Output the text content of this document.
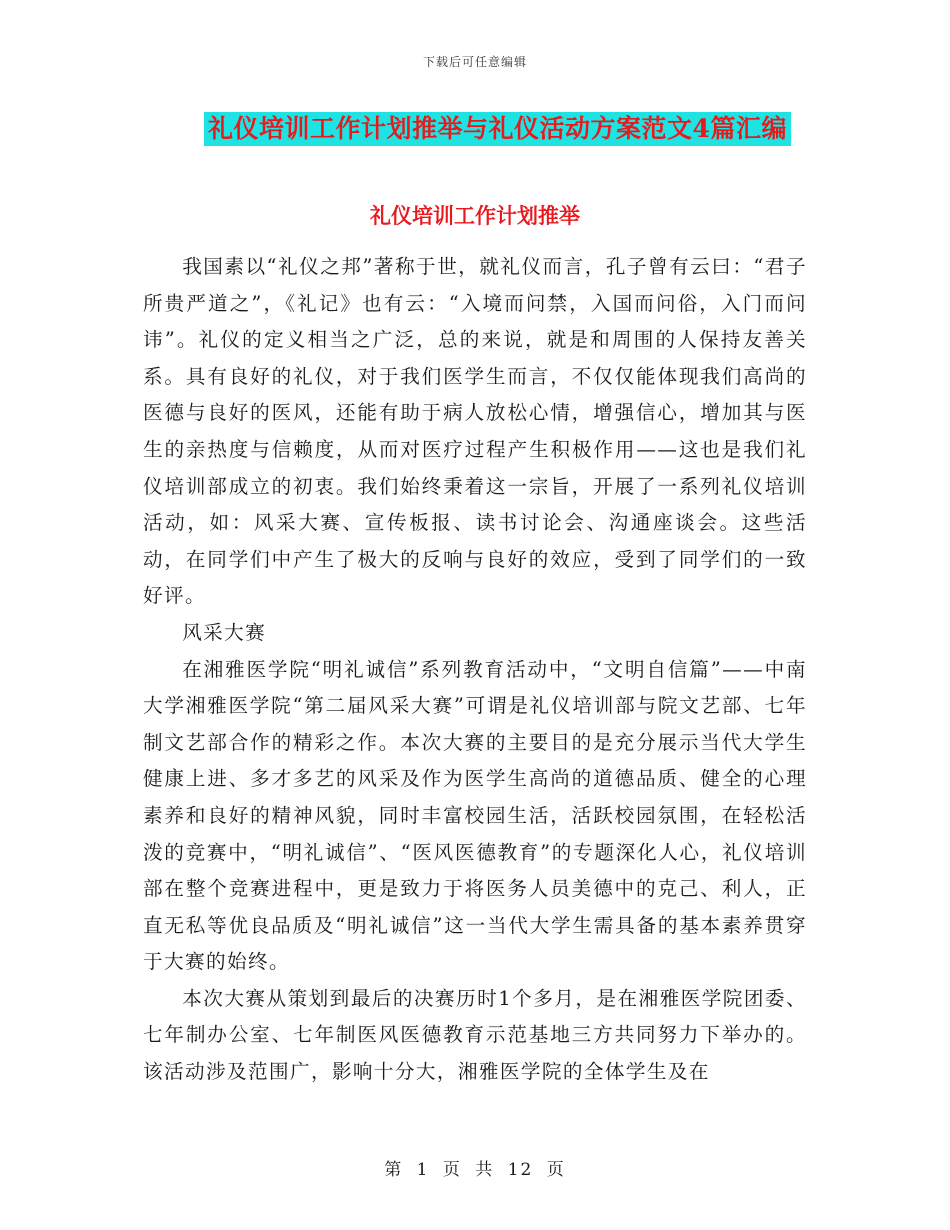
下载后可任意编辑
礼仪培训工作计划推举与礼仪活动方案范文4篇汇编
礼仪培训工作计划推举

我国素以“礼仪之邦”著称于世，就礼仪而言，孔子曾有云曰：“君子所贵严道之”，《礼记》也有云：“入境而问禁，入国而问俗，入门而问讳”。礼仪的定义相当之广泛，总的来说，就是和周围的人保持友善关系。具有良好的礼仪，对于我们医学生而言，不仅仅能体现我们高尚的医德与良好的医风，还能有助于病人放松心情，增强信心，增加其与医生的亲热度与信赖度，从而对医疗过程产生积极作用——这也是我们礼仪培训部成立的初衷。我们始终秉着这一宗旨，开展了一系列礼仪培训活动，如：风采大赛、宣传板报、读书讨论会、沟通座谈会。这些活动，在同学们中产生了极大的反响与良好的效应，受到了同学们的一致好评。

风采大赛

在湘雅医学院“明礼诚信”系列教育活动中，“文明自信篇”——中南大学湘雅医学院“第二届风采大赛”可谓是礼仪培训部与院文艺部、七年制文艺部合作的精彩之作。本次大赛的主要目的是充分展示当代大学生健康上进、多才多艺的风采及作为医学生高尚的道德品质、健全的心理素养和良好的精神风貌，同时丰富校园生活，活跃校园氛围，在轻松活泼的竞赛中，“明礼诚信”、“医风医德教育”的专题深化人心，礼仪培训部在整个竞赛进程中，更是致力于将医务人员美德中的克己、利人，正直无私等优良品质及“明礼诚信”这一当代大学生需具备的基本素养贯穿于大赛的始终。

本次大赛从策划到最后的决赛历时1个多月，是在湘雅医学院团委、七年制办公室、七年制医风医德教育示范基地三方共同努力下举办的。该活动涉及范围广，影响十分大，湘雅医学院的全体学生及在

第 1 页 共 12 页
